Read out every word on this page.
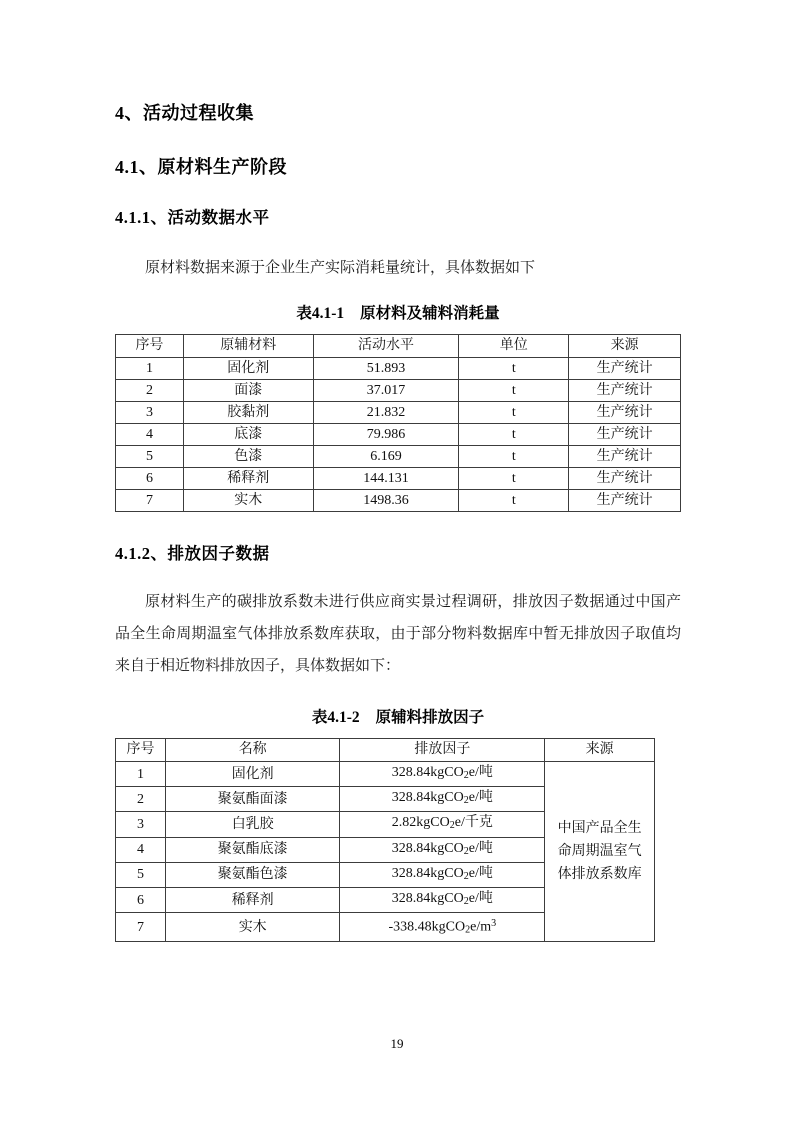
4、活动过程收集
4.1、原材料生产阶段
4.1.1、活动数据水平

原材料数据来源于企业生产实际消耗量统计，具体数据如下

表4.1-1 原材料及辅料消耗量

序号	原辅材料	活动水平	单位	来源
1	固化剂	51.893	t	生产统计
2	面漆	37.017	t	生产统计
3	胶黏剂	21.832	t	生产统计
4	底漆	79.986	t	生产统计
5	色漆	6.169	t	生产统计
6	稀释剂	144.131	t	生产统计
7	实木	1498.36	t	生产统计
4.1.2、排放因子数据

原材料生产的碳排放系数未进行供应商实景过程调研，排放因子数据通过中国产品全生命周期温室气体排放系数库获取，由于部分物料数据库中暂无排放因子取值均来自于相近物料排放因子，具体数据如下：

表4.1-2 原辅料排放因子

序号	名称	排放因子	来源
1	固化剂	328.84kgCO$_2$e/吨	中国产品全生命周期温室气体排放系数库
2	聚氨酯面漆	328.84kgCO$_2$e/吨	
3	白乳胶	2.82kgCO$_2$e/千克	
4	聚氨酯底漆	328.84kgCO$_2$e/吨	
5	聚氨酯色漆	328.84kgCO$_2$e/吨	
6	稀释剂	328.84kgCO$_2$e/吨	
7	实木	$-338.48kgCO_2e/m^3$
19
